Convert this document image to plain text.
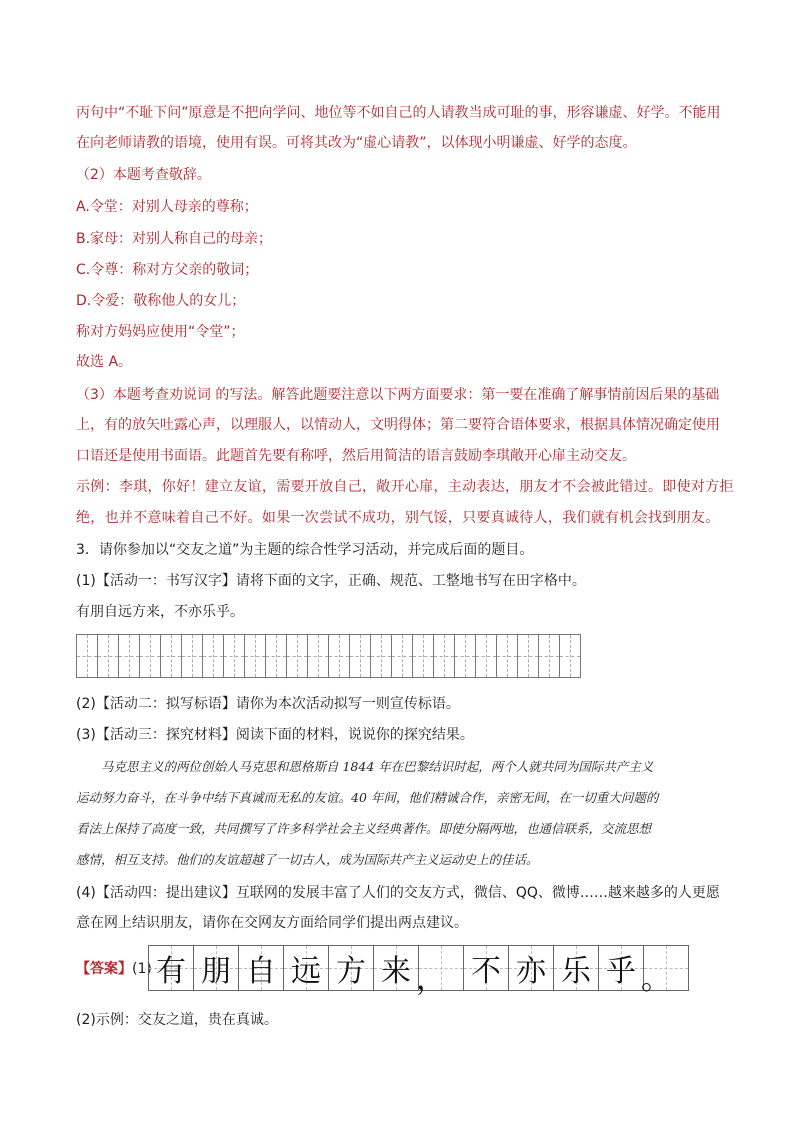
丙句中“不耻下问”原意是不把向学问、地位等不如自己的人请教当成可耻的事，形容谦虚、好学。不能用
在向老师请教的语境，使用有误。可将其改为“虚心请教”，以体现小明谦虚、好学的态度。
（2）本题考查敬辞。
A.令堂：对别人母亲的尊称；
B.家母：对别人称自己的母亲；
C.令尊：称对方父亲的敬词；
D.令爱：敬称他人的女儿；
称对方妈妈应使用“令堂”；
故选 A。
（3）本题考查劝说词 的写法。解答此题要注意以下两方面要求：第一要在准确了解事情前因后果的基础
上，有的放矢吐露心声，以理服人，以情动人，文明得体；第二要符合语体要求，根据具体情况确定使用
口语还是使用书面语。此题首先要有称呼，然后用简洁的语言鼓励李琪敞开心扉主动交友。
示例：李琪，你好！建立友谊，需要开放自己，敞开心扉，主动表达，朋友才不会被此错过。即使对方拒
绝，也并不意味着自己不好。如果一次尝试不成功，别气馁，只要真诚待人，我们就有机会找到朋友。
3．请你参加以“交友之道”为主题的综合性学习活动，并完成后面的题目。
(1)【活动一：书写汉字】请将下面的文字，正确、规范、工整地书写在田字格中。
有朋自远方来，不亦乐乎。
(2)【活动二：拟写标语】请你为本次活动拟写一则宣传标语。
(3)【活动三：探究材料】阅读下面的材料，说说你的探究结果。
　　马克思主义的两位创始人马克思和恩格斯自 1844 年在巴黎结识时起，两个人就共同为国际共产主义
运动努力奋斗，在斗争中结下真诚而无私的友谊。40 年间，他们精诚合作，亲密无间，在一切重大问题的
看法上保持了高度一致，共同撰写了许多科学社会主义经典著作。即使分隔两地，也通信联系，交流思想
感情，相互支持。他们的友谊超越了一切古人，成为国际共产主义运动史上的佳话。
(4)【活动四：提出建议】互联网的发展丰富了人们的交友方式，微信、QQ、微博……越来越多的人更愿
意在网上结识朋友，请你在交网友方面给同学们提出两点建议。
【答案】(1) 有 朋 自 远 方 来 ， 不 亦 乐 乎 。
(2)示例：交友之道，贵在真诚。
